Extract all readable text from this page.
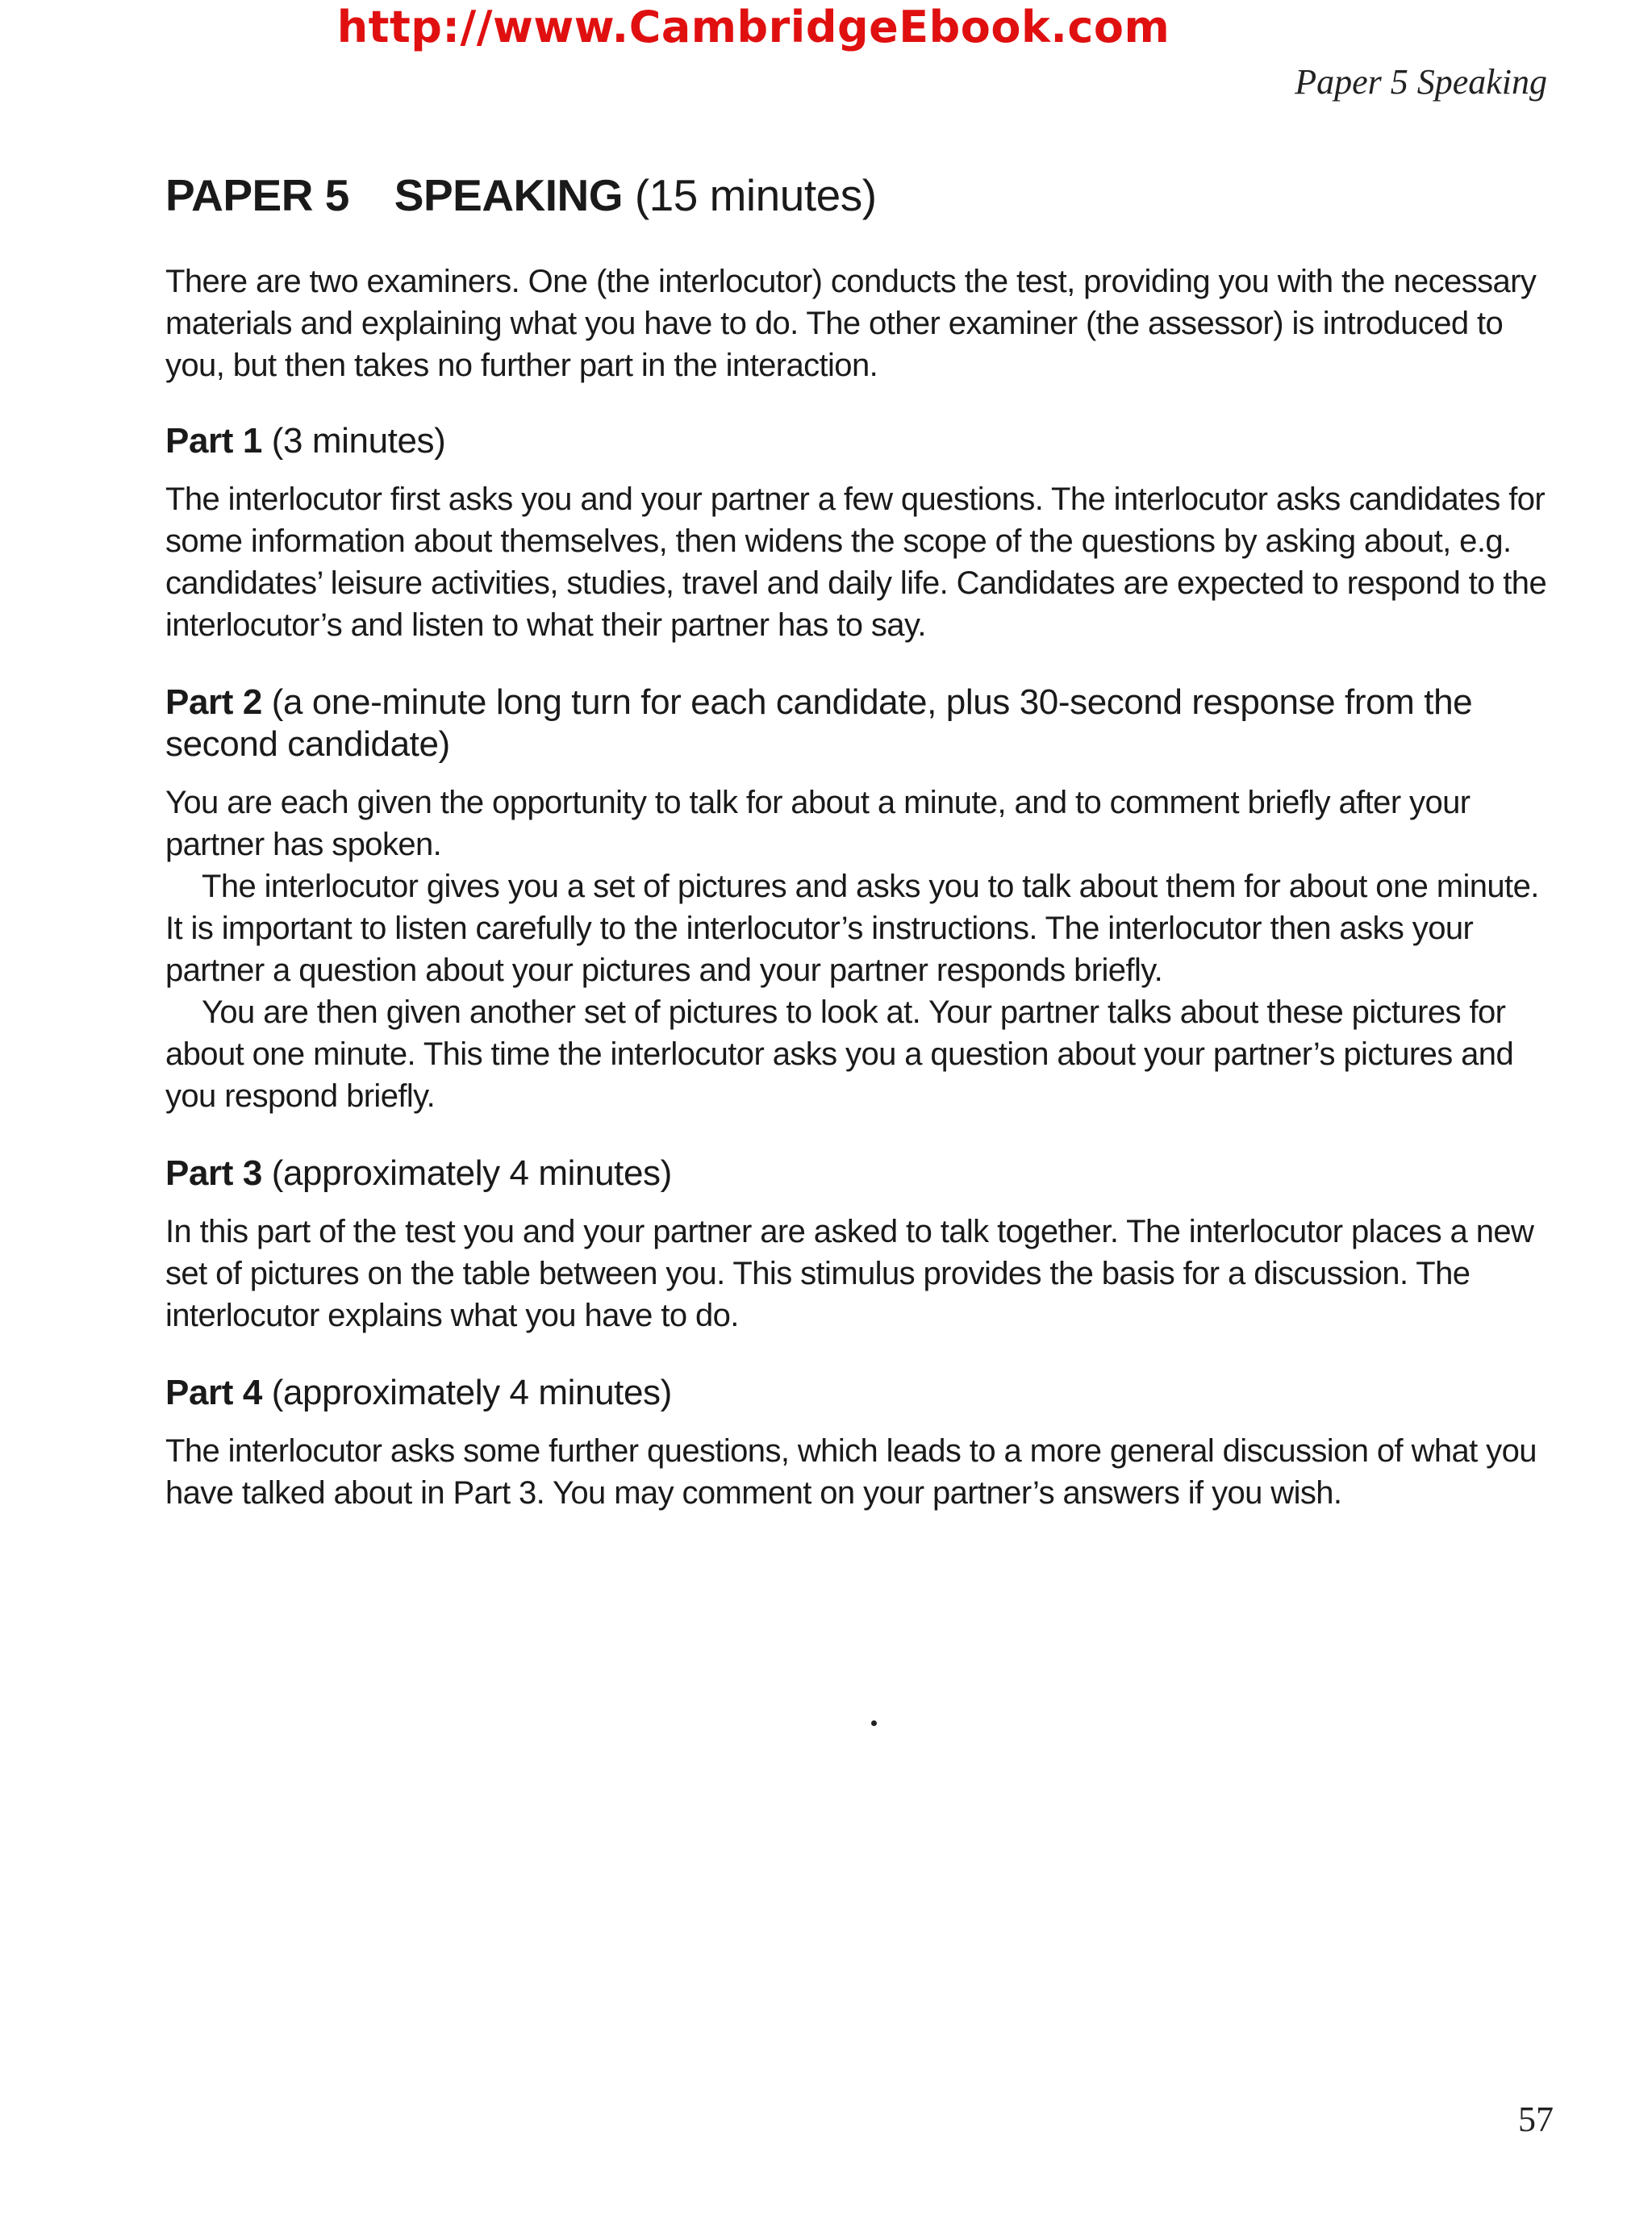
http://www.CambridgeEbook.com
Paper 5 Speaking
PAPER 5 SPEAKING (15 minutes)

There are two examiners. One (the interlocutor) conducts the test, providing you with the necessary materials and explaining what you have to do. The other examiner (the assessor) is introduced to you, but then takes no further part in the interaction.

Part 1 (3 minutes)

The interlocutor first asks you and your partner a few questions. The interlocutor asks candidates for some information about themselves, then widens the scope of the questions by asking about, e.g. candidates’ leisure activities, studies, travel and daily life. Candidates are expected to respond to the interlocutor’s and listen to what their partner has to say.

Part 2 (a one-minute long turn for each candidate, plus 30-second response from the second candidate)

You are each given the opportunity to talk for about a minute, and to comment briefly after your partner has spoken.

The interlocutor gives you a set of pictures and asks you to talk about them for about one minute. It is important to listen carefully to the interlocutor’s instructions. The interlocutor then asks your partner a question about your pictures and your partner responds briefly.

You are then given another set of pictures to look at. Your partner talks about these pictures for about one minute. This time the interlocutor asks you a question about your partner’s pictures and you respond briefly.

Part 3 (approximately 4 minutes)

In this part of the test you and your partner are asked to talk together. The interlocutor places a new set of pictures on the table between you. This stimulus provides the basis for a discussion. The interlocutor explains what you have to do.

Part 4 (approximately 4 minutes)

The interlocutor asks some further questions, which leads to a more general discussion of what you have talked about in Part 3. You may comment on your partner’s answers if you wish.

57
